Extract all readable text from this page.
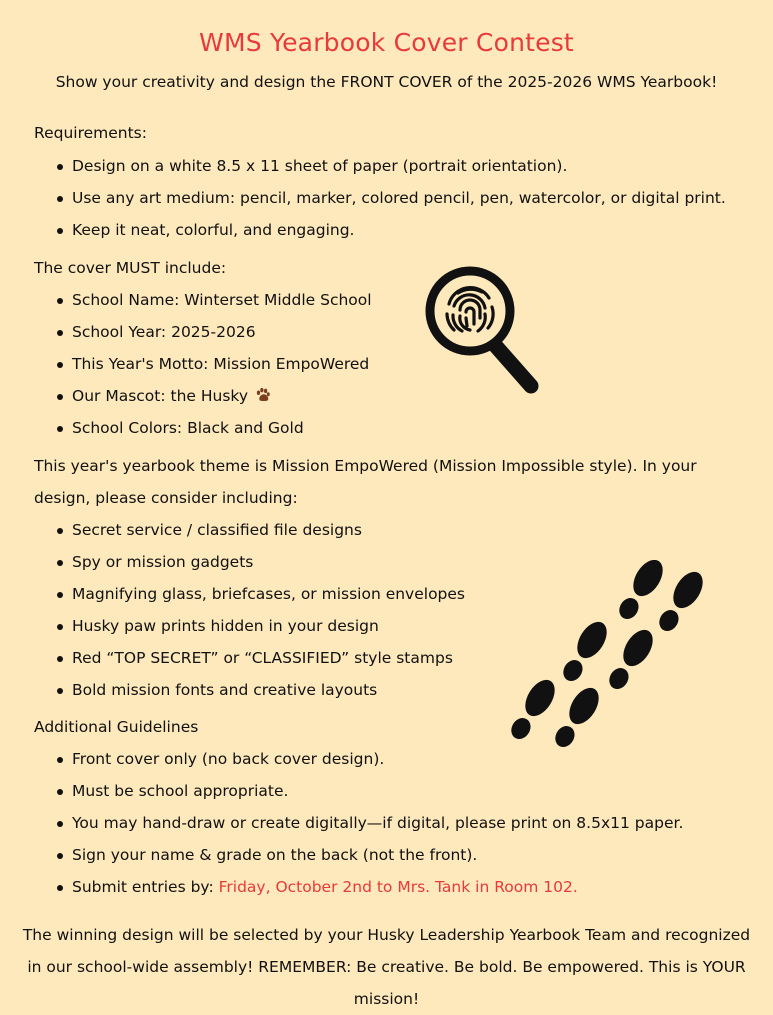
WMS Yearbook Cover Contest
Show your creativity and design the FRONT COVER of the 2025-2026 WMS Yearbook!
Requirements:
Design on a white 8.5 x 11 sheet of paper (portrait orientation).
Use any art medium: pencil, marker, colored pencil, pen, watercolor, or digital print.
Keep it neat, colorful, and engaging.
The cover MUST include:
School Name: Winterset Middle School
School Year: 2025-2026
This Year's Motto: Mission EmpoWered
Our Mascot: the Husky
School Colors: Black and Gold
This year's yearbook theme is Mission EmpoWered (Mission Impossible style). In your design, please consider including:
Secret service / classified file designs
Spy or mission gadgets
Magnifying glass, briefcases, or mission envelopes
Husky paw prints hidden in your design
Red “TOP SECRET” or “CLASSIFIED” style stamps
Bold mission fonts and creative layouts
Additional Guidelines
Front cover only (no back cover design).
Must be school appropriate.
You may hand-draw or create digitally—if digital, please print on 8.5x11 paper.
Sign your name & grade on the back (not the front).
Submit entries by: Friday, October 2nd to Mrs. Tank in Room 102.
The winning design will be selected by your Husky Leadership Yearbook Team and recognized in our school-wide assembly! REMEMBER: Be creative. Be bold. Be empowered. This is YOUR mission!
